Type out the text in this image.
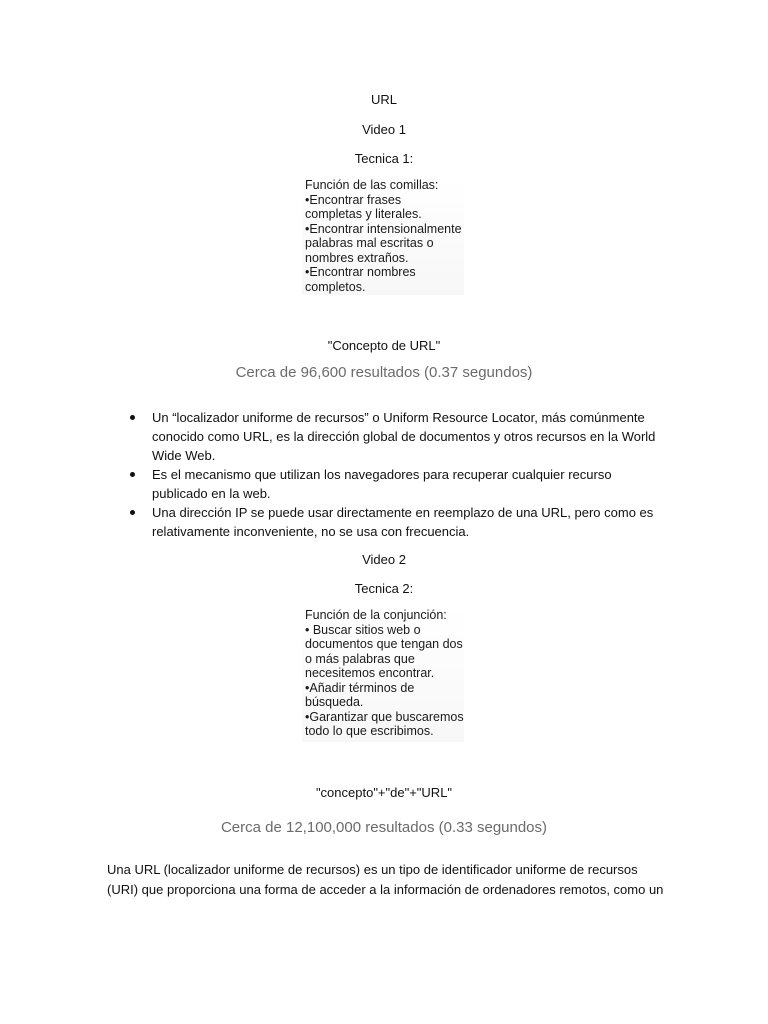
URL
Video 1
Tecnica 1:
Función de las comillas:
•Encontrar frases
completas y literales.
•Encontrar intensionalmente
palabras mal escritas o
nombres extraños.
•Encontrar nombres
completos.
"Concepto de URL"
Cerca de 96,600 resultados (0.37 segundos)
Un “localizador uniforme de recursos” o Uniform Resource Locator, más comúnmente conocido como URL, es la dirección global de documentos y otros recursos en la World Wide Web.
Es el mecanismo que utilizan los navegadores para recuperar cualquier recurso publicado en la web.
Una dirección IP se puede usar directamente en reemplazo de una URL, pero como es relativamente inconveniente, no se usa con frecuencia.
Video 2
Tecnica 2:
Función de la conjunción:
• Buscar sitios web o
documentos que tengan dos
o más palabras que
necesitemos encontrar.
•Añadir términos de
búsqueda.
•Garantizar que buscaremos
todo lo que escribimos.
"concepto"+"de"+"URL"
Cerca de 12,100,000 resultados (0.33 segundos)
Una URL (localizador uniforme de recursos) es un tipo de identificador uniforme de recursos (URI) que proporciona una forma de acceder a la información de ordenadores remotos, como un
